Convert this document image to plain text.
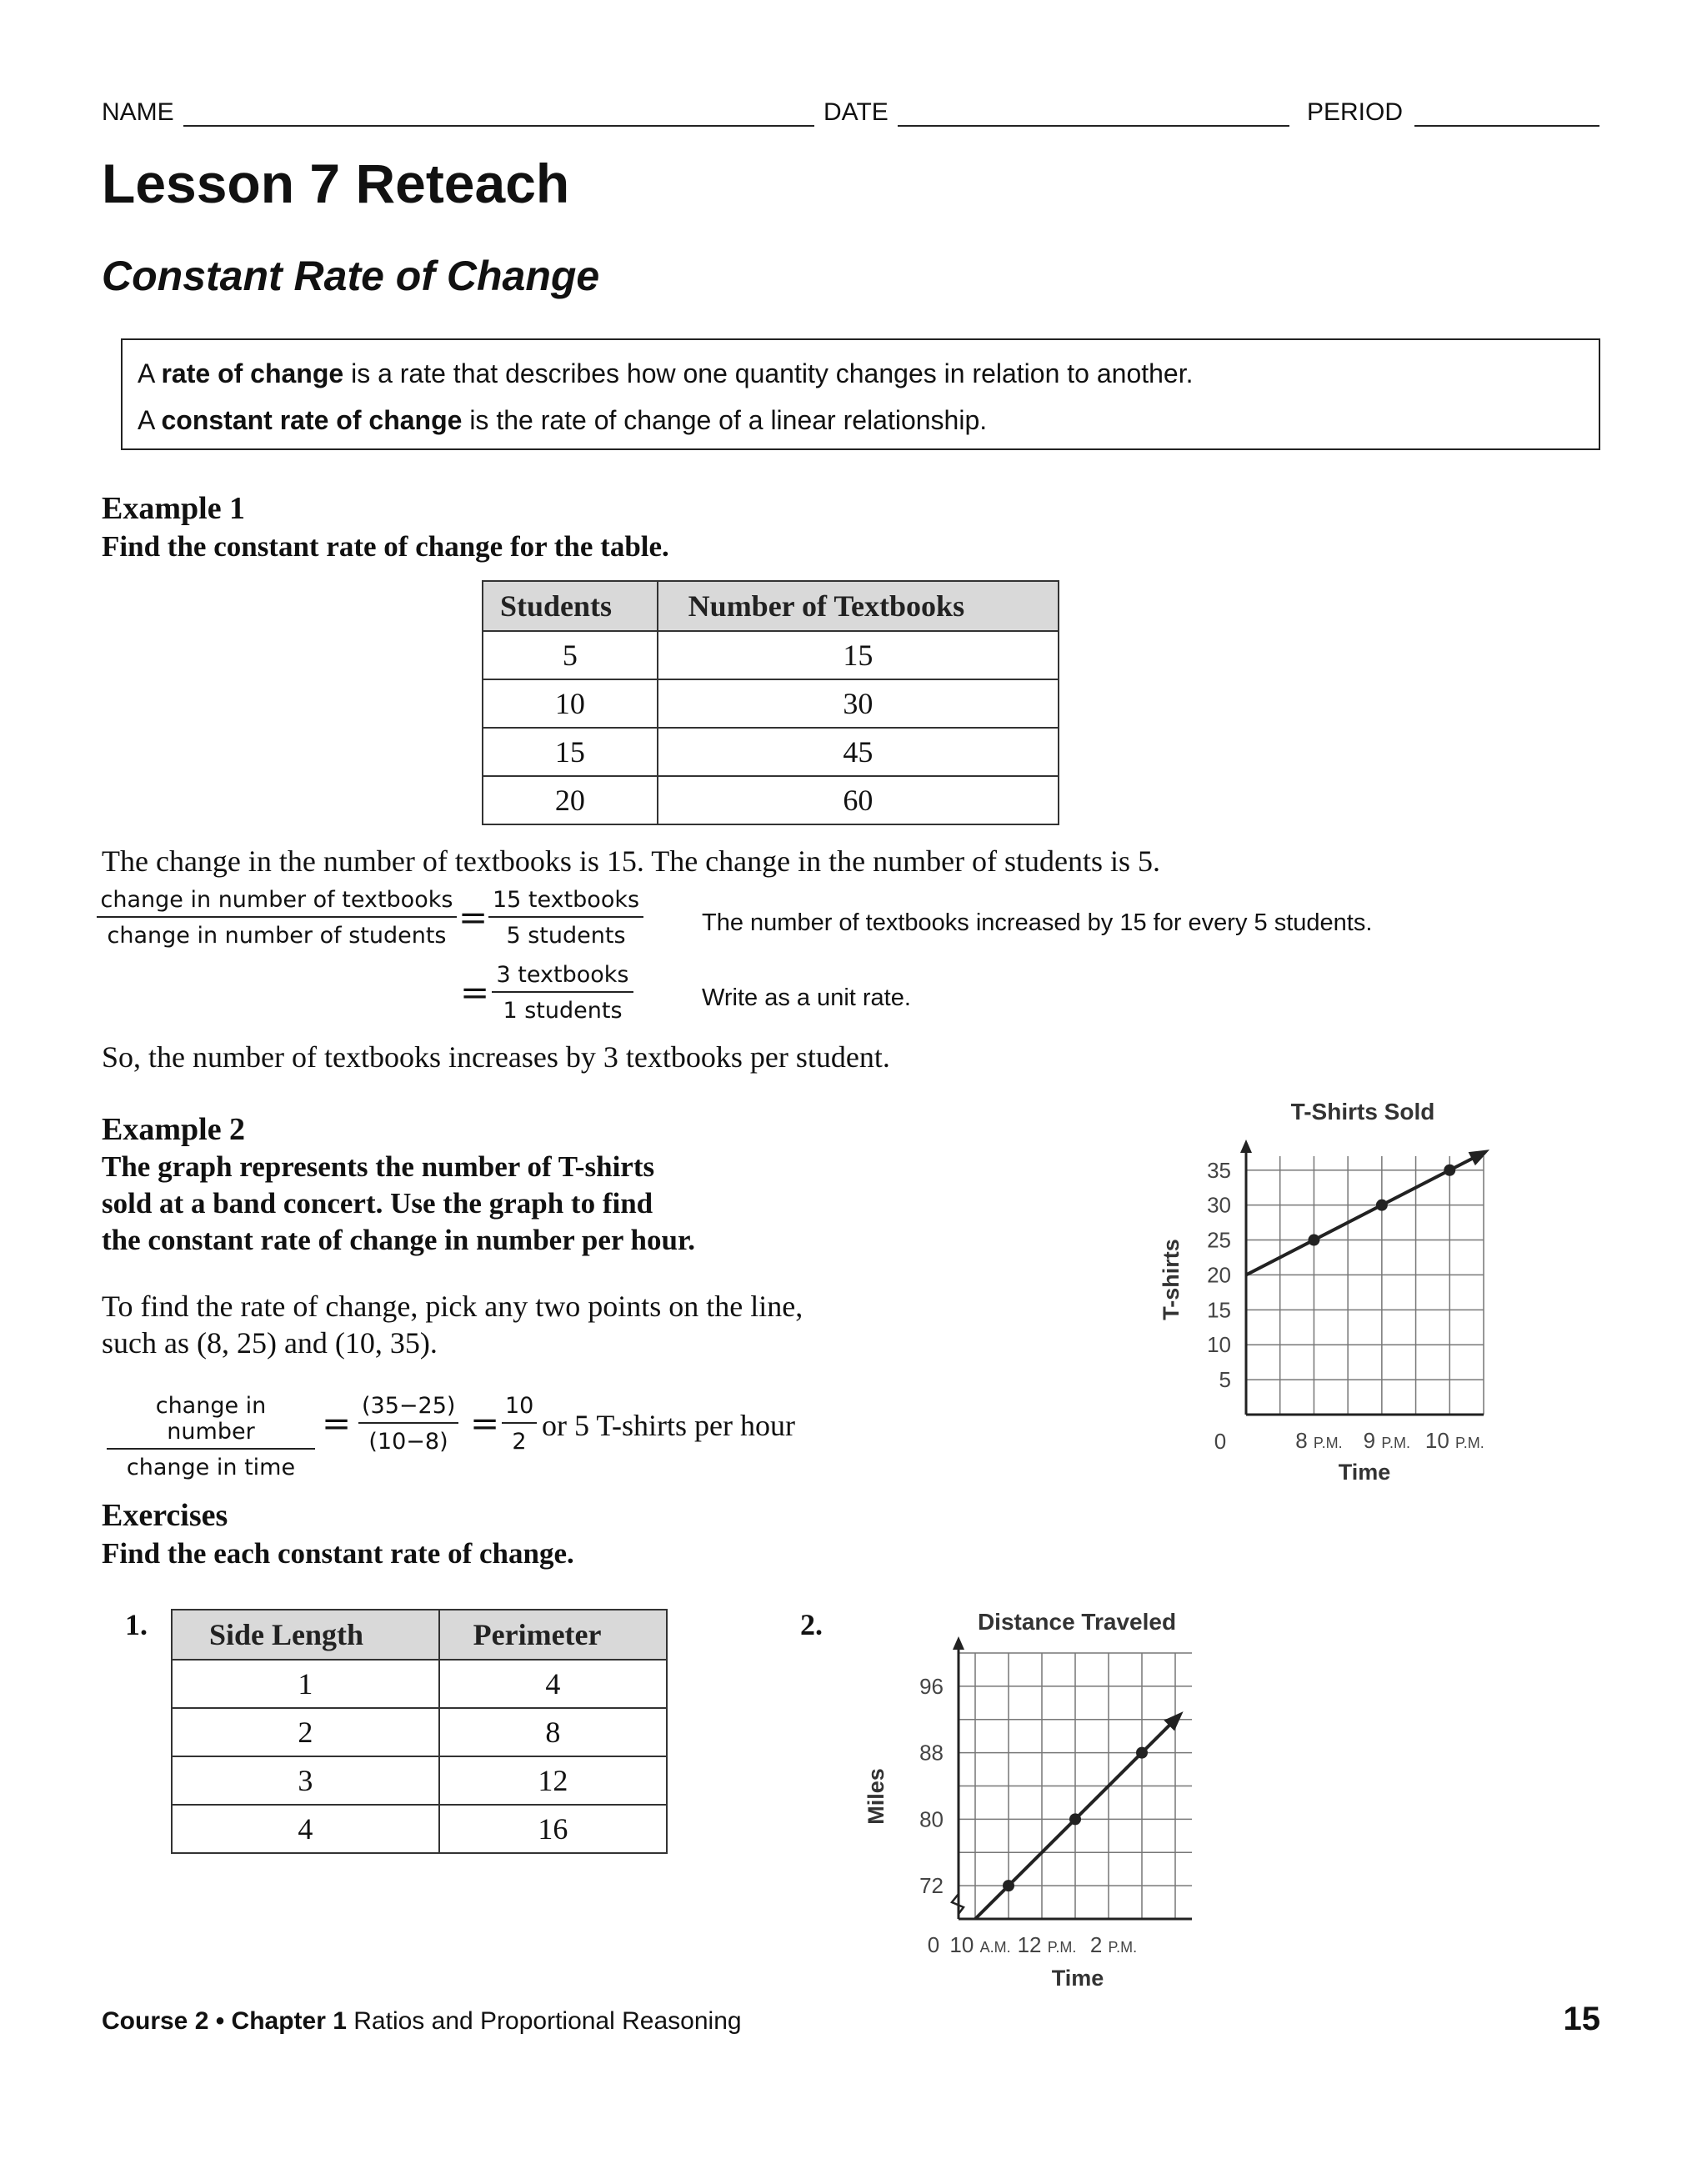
NAME	DATE	PERIOD
Lesson 7 Reteach
Constant Rate of Change

A rate of change is a rate that describes how one quantity changes in relation to another.

A constant rate of change is the rate of change of a linear relationship.

Example 1
Find the constant rate of change for the table.
Students	Number of Textbooks
5	15
10	30
15	45
20	60
The change in the number of textbooks is 15. The change in the number of students is 5.
change in number of textbooks
change in number of students = 15 textbooks
5 students	The number of textbooks increased by 15 for every 5 students.
= 3 textbooks
1 students	Write as a unit rate.
So, the number of textbooks increases by 3 textbooks per student.
Example 2
The graph represents the number of T-shirts
sold at a band concert. Use the graph to find
the constant rate of change in number per hour.
To find the rate of change, pick any two points on the line,
such as (8, 25) and (10, 35).
change in number
change in time
= $\frac{(35-25)}{(10-8)} = \frac{10}{2}$ or 5 T-shirts per hour
T-Shirts Sold
5
10
15
20
25
30
35
8 P.M. 9 P.M. 10 P.M.
0
Time
T-shirts
Exercises
Find the each constant rate of change.
1. Side Length	Perimeter
1	4
2	8
3	12
4	16
2.	Distance Traveled
72
80
88
96
10 A.M. 12 P.M. 2 P.M.
0
Time
Miles
Course 2 • Chapter 1 Ratios and Proportional Reasoning	15
